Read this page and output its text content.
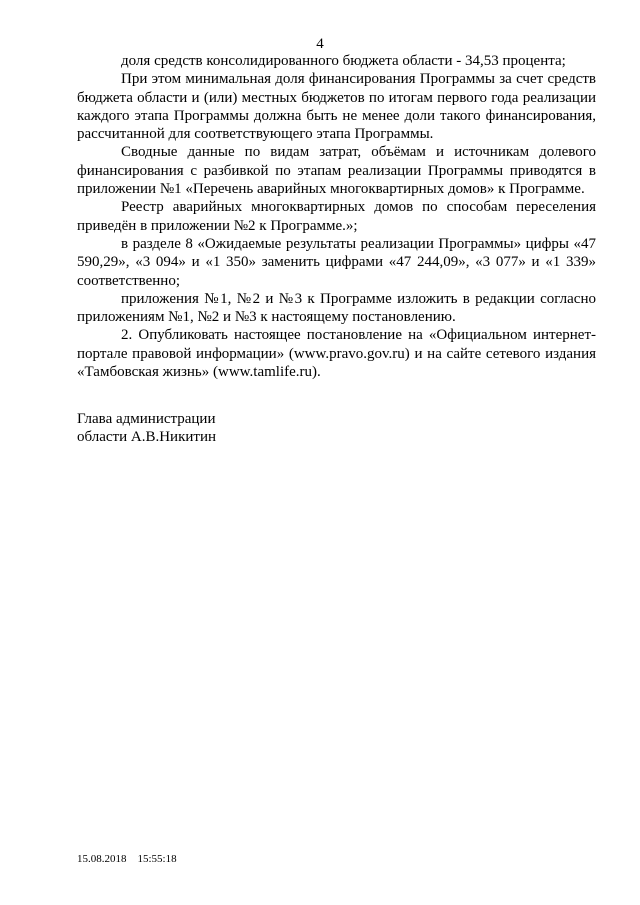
4

доля средств консолидированного бюджета области - 34,53 процента;

При этом минимальная доля финансирования Программы за счет средств бюджета области и (или) местных бюджетов по итогам первого года реализации каждого этапа Программы должна быть не менее доли такого финансирования, рассчитанной для соответствующего этапа Программы.

Сводные данные по видам затрат, объёмам и источникам долевого финансирования с разбивкой по этапам реализации Программы приводятся в приложении №1 «Перечень аварийных многоквартирных домов» к Программе.

Реестр аварийных многоквартирных домов по способам переселения приведён в приложении №2 к Программе.»;

в разделе 8 «Ожидаемые результаты реализации Программы» цифры «47 590,29», «3 094» и «1 350» заменить цифрами «47 244,09», «3 077» и «1 339» соответственно;

приложения №1, №2 и №3 к Программе изложить в редакции согласно приложениям №1, №2 и №3 к настоящему постановлению.

2. Опубликовать настоящее постановление на «Официальном интернет-портале правовой информации» (www.pravo.gov.ru) и на сайте сетевого издания «Тамбовская жизнь» (www.tamlife.ru).

Глава администрации
области А.В.Никитин
15.08.2018    15:55:18
